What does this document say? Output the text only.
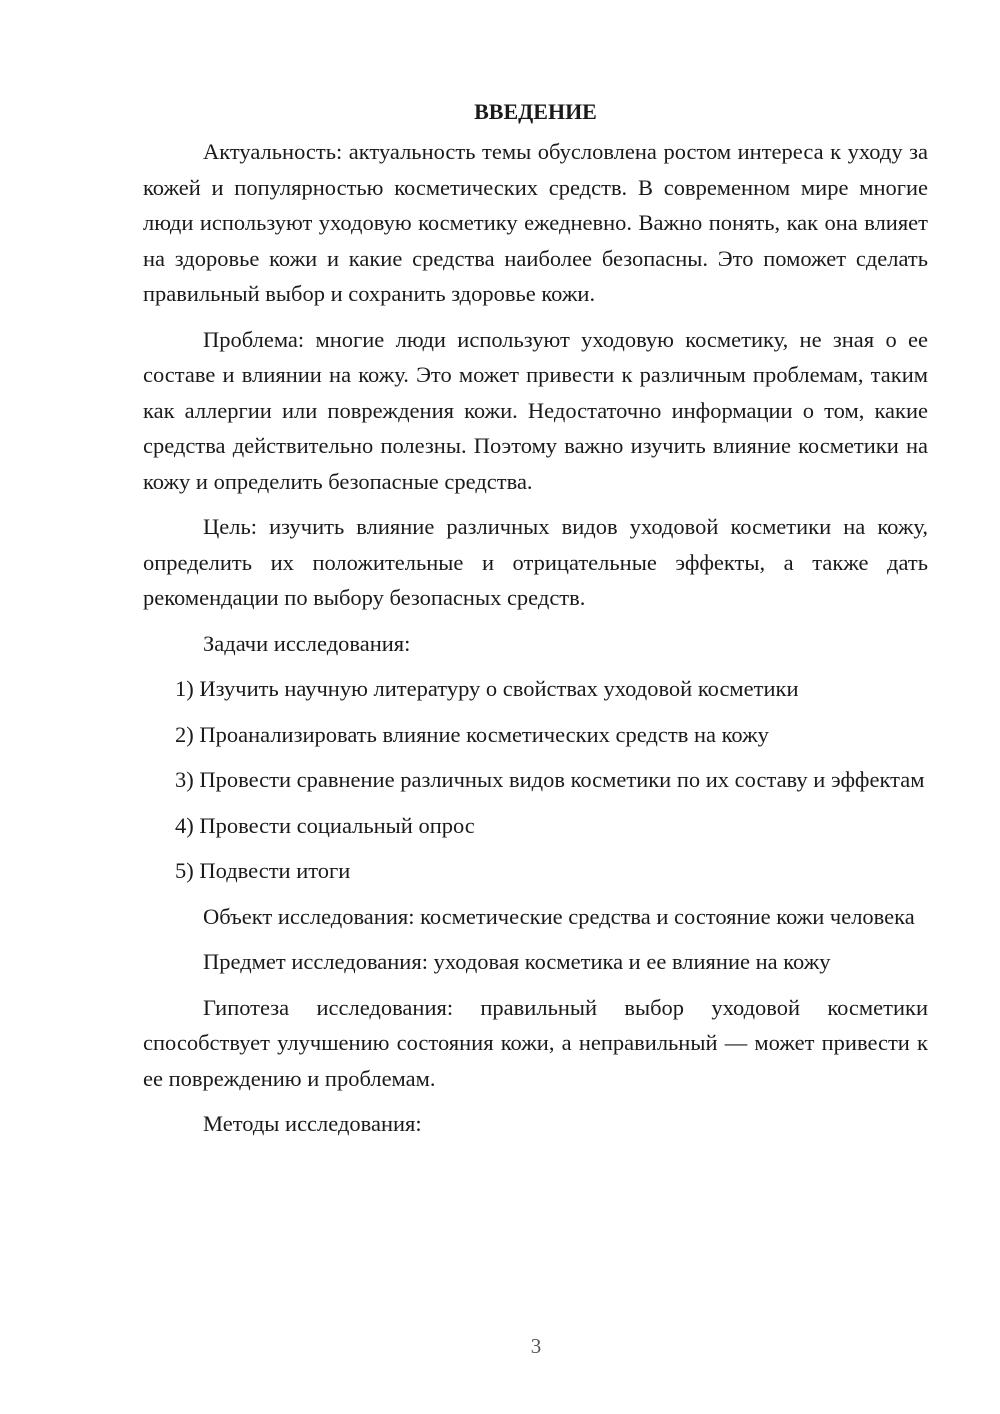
ВВЕДЕНИЕ

Актуальность: актуальность темы обусловлена ростом интереса к уходу за кожей и популярностью косметических средств. В современном мире многие люди используют уходовую косметику ежедневно. Важно понять, как она влияет на здоровье кожи и какие средства наиболее безопасны. Это поможет сделать правильный выбор и сохранить здоровье кожи.

Проблема: многие люди используют уходовую косметику, не зная о ее составе и влиянии на кожу. Это может привести к различным проблемам, таким как аллергии или повреждения кожи. Недостаточно информации о том, какие средства действительно полезны. Поэтому важно изучить влияние косметики на кожу и определить безопасные средства.

Цель: изучить влияние различных видов уходовой косметики на кожу, определить их положительные и отрицательные эффекты, а также дать рекомендации по выбору безопасных средств.

Задачи исследования:

1) Изучить научную литературу о свойствах уходовой косметики

2) Проанализировать влияние косметических средств на кожу

3) Провести сравнение различных видов косметики по их составу и эффектам

4) Провести социальный опрос

5) Подвести итоги

Объект исследования: косметические средства и состояние кожи человека

Предмет исследования: уходовая косметика и ее влияние на кожу

Гипотеза исследования: правильный выбор уходовой косметики способствует улучшению состояния кожи, а неправильный — может привести к ее повреждению и проблемам.

Методы исследования:

3
